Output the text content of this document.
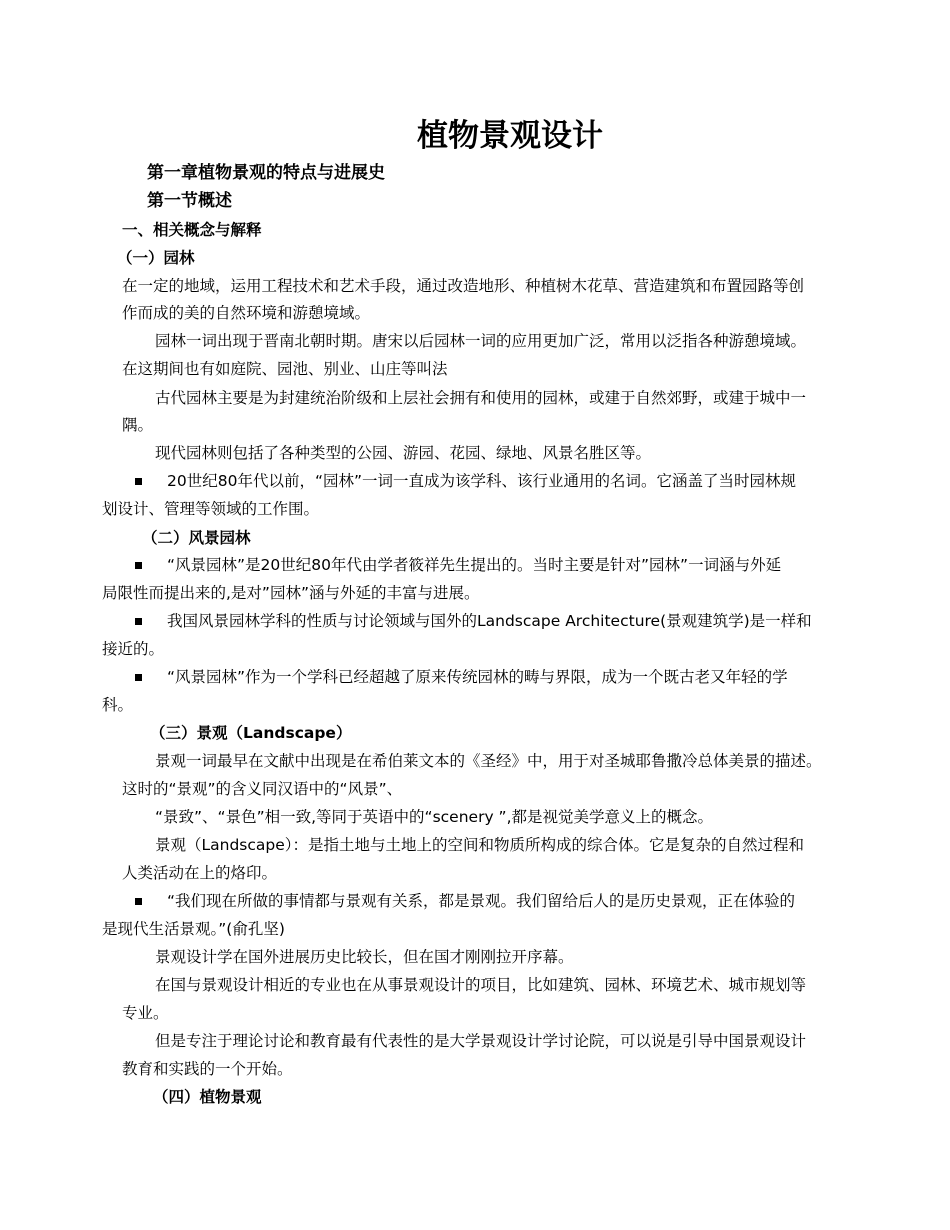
植物景观设计
第一章植物景观的特点与进展史
第一节概述
一、相关概念与解释
（一）园林
在一定的地域，运用工程技术和艺术手段，通过改造地形、种植树木花草、营造建筑和布置园路等创
作而成的美的自然环境和游憩境域。
园林一词出现于晋南北朝时期。唐宋以后园林一词的应用更加广泛，常用以泛指各种游憩境域。
在这期间也有如庭院、园池、别业、山庄等叫法
古代园林主要是为封建统治阶级和上层社会拥有和使用的园林，或建于自然郊野，或建于城中一
隅。
现代园林则包括了各种类型的公园、游园、花园、绿地、风景名胜区等。
20世纪80年代以前，“园林”一词一直成为该学科、该行业通用的名词。它涵盖了当时园林规
划设计、管理等领域的工作围。
（二）风景园林
“风景园林”是20世纪80年代由学者筱祥先生提出的。当时主要是针对”园林”一词涵与外延
局限性而提出来的,是对”园林”涵与外延的丰富与进展。
我国风景园林学科的性质与讨论领域与国外的Landscape Architecture(景观建筑学)是一样和
接近的。
“风景园林”作为一个学科已经超越了原来传统园林的畴与界限，成为一个既古老又年轻的学
科。
（三）景观（Landscape）
景观一词最早在文献中出现是在希伯莱文本的《圣经》中，用于对圣城耶鲁撒冷总体美景的描述。
这时的“景观”的含义同汉语中的“风景”、
“景致”、“景色”相一致,等同于英语中的“scenery ”,都是视觉美学意义上的概念。
景观（Landscape）：是指土地与土地上的空间和物质所构成的综合体。它是复杂的自然过程和
人类活动在上的烙印。
“我们现在所做的事情都与景观有关系，都是景观。我们留给后人的是历史景观，正在体验的
是现代生活景观。”(俞孔坚)
景观设计学在国外进展历史比较长，但在国才刚刚拉开序幕。
在国与景观设计相近的专业也在从事景观设计的项目，比如建筑、园林、环境艺术、城市规划等
专业。
但是专注于理论讨论和教育最有代表性的是大学景观设计学讨论院，可以说是引导中国景观设计
教育和实践的一个开始。
（四）植物景观
